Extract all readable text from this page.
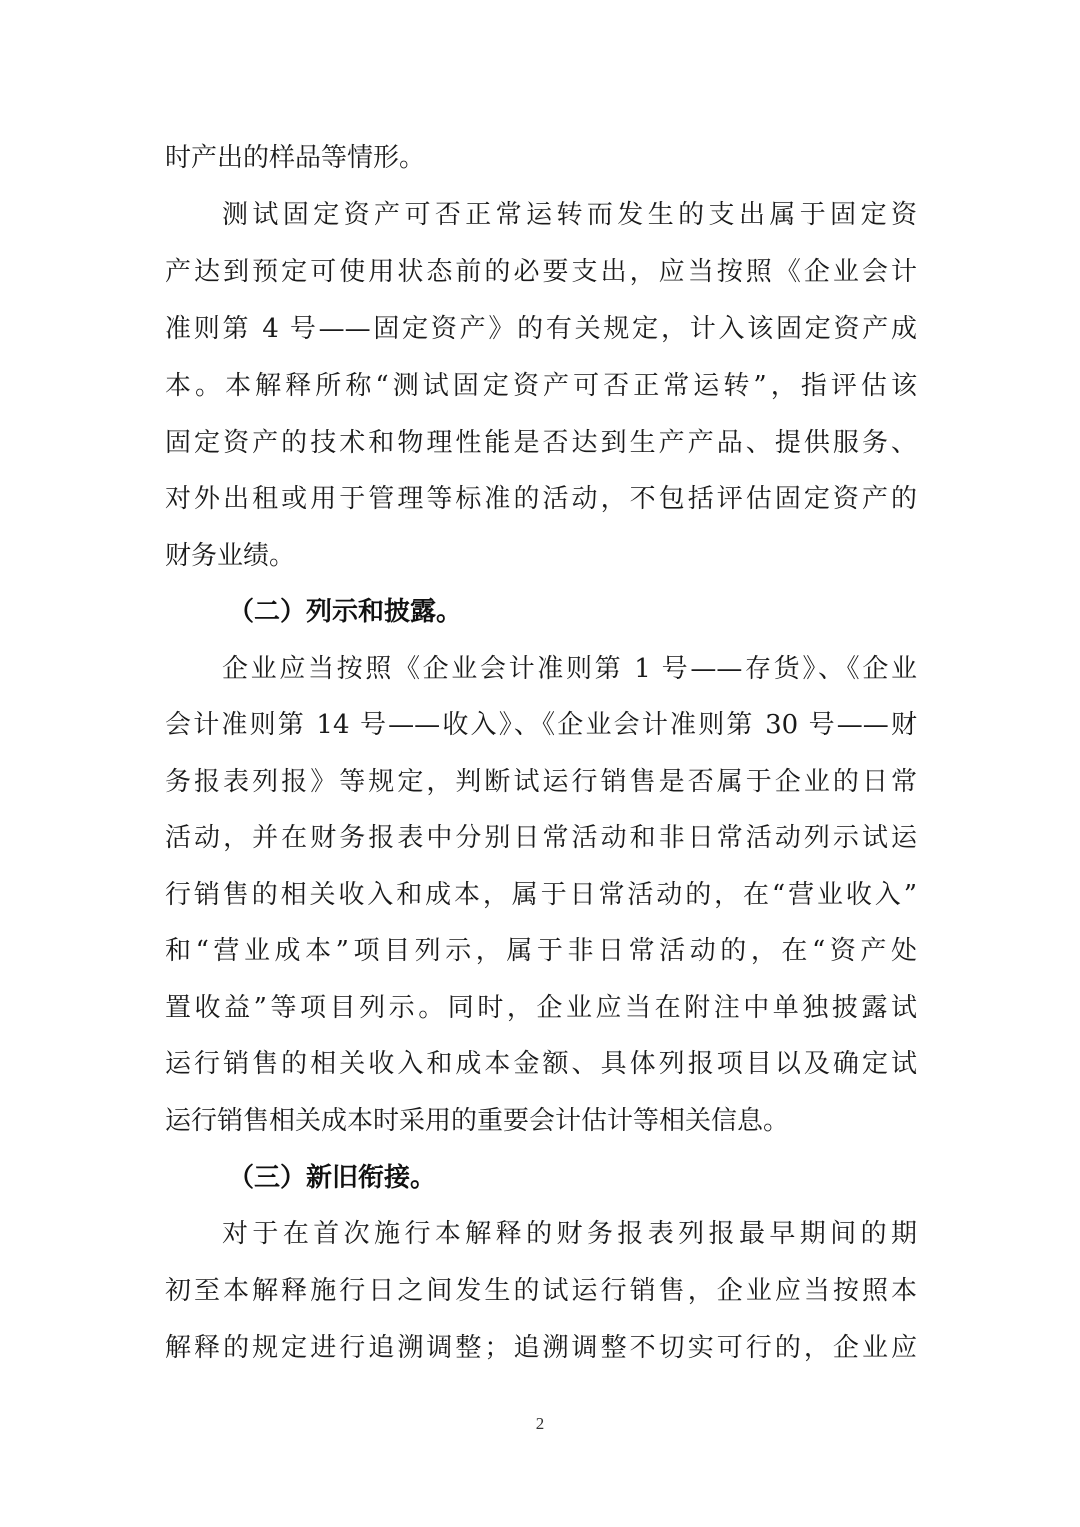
时产出的样品等情形。
测试固定资产可否正常运转而发生的支出属于固定资
产达到预定可使用状态前的必要支出，应当按照《企业会计
准则第 4 号——固定资产》的有关规定，计入该固定资产成
本。本解释所称“测试固定资产可否正常运转”，指评估该
固定资产的技术和物理性能是否达到生产产品、提供服务、
对外出租或用于管理等标准的活动，不包括评估固定资产的
财务业绩。
（二）列示和披露。
企业应当按照《企业会计准则第 1 号——存货》、《企业
会计准则第 14 号——收入》、《企业会计准则第 30 号——财
务报表列报》等规定，判断试运行销售是否属于企业的日常
活动，并在财务报表中分别日常活动和非日常活动列示试运
行销售的相关收入和成本，属于日常活动的，在“营业收入”
和“营业成本”项目列示，属于非日常活动的，在“资产处
置收益”等项目列示。同时，企业应当在附注中单独披露试
运行销售的相关收入和成本金额、具体列报项目以及确定试
运行销售相关成本时采用的重要会计估计等相关信息。
（三）新旧衔接。
对于在首次施行本解释的财务报表列报最早期间的期
初至本解释施行日之间发生的试运行销售，企业应当按照本
解释的规定进行追溯调整；追溯调整不切实可行的，企业应
2
